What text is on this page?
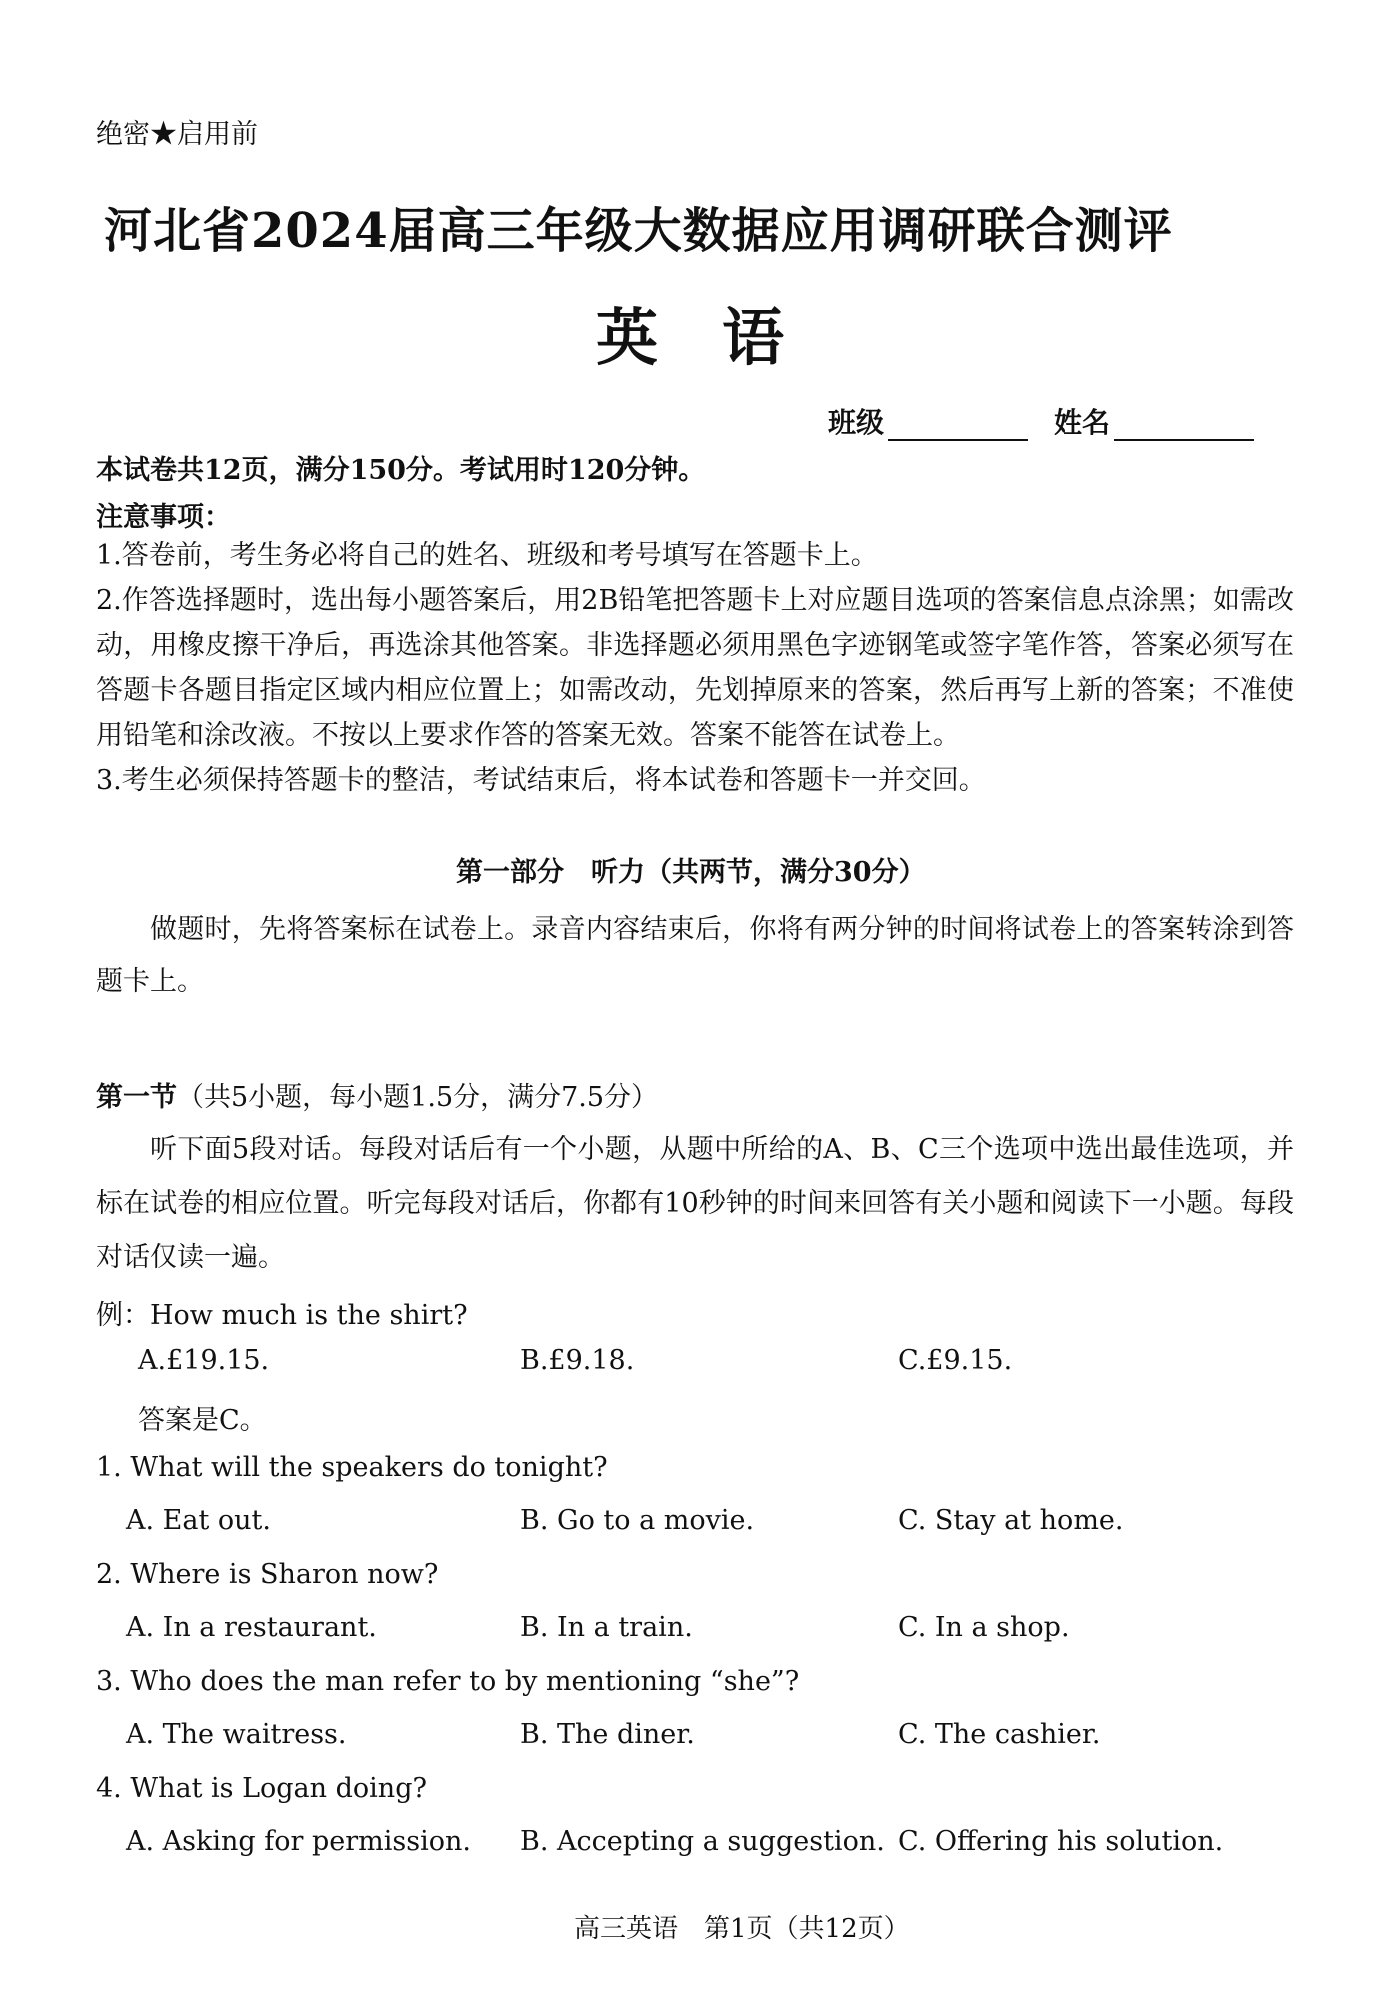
绝密★启用前
河北省2024届高三年级大数据应用调研联合测评
英语
班级	姓名
本试卷共12页，满分150分。考试用时120分钟。
注意事项：
1.答卷前，考生务必将自己的姓名、班级和考号填写在答题卡上。
2.作答选择题时，选出每小题答案后，用2B铅笔把答题卡上对应题目选项的答案信息点涂黑；如需改动，用橡皮擦干净后，再选涂其他答案。非选择题必须用黑色字迹钢笔或签字笔作答，答案必须写在答题卡各题目指定区域内相应位置上；如需改动，先划掉原来的答案，然后再写上新的答案；不准使用铅笔和涂改液。不按以上要求作答的答案无效。答案不能答在试卷上。
3.考生必须保持答题卡的整洁，考试结束后，将本试卷和答题卡一并交回。
第一部分　听力（共两节，满分30分）
做题时，先将答案标在试卷上。录音内容结束后，你将有两分钟的时间将试卷上的答案转涂到答题卡上。
第一节（共5小题，每小题1.5分，满分7.5分）
听下面5段对话。每段对话后有一个小题，从题中所给的A、B、C三个选项中选出最佳选项，并标在试卷的相应位置。听完每段对话后，你都有10秒钟的时间来回答有关小题和阅读下一小题。每段对话仅读一遍。
例：How much is the shirt?
A.£19.15.	B.£9.18.	C.£9.15.
答案是C。
1. What will the speakers do tonight?
A. Eat out.	B. Go to a movie.	C. Stay at home.
2. Where is Sharon now?
A. In a restaurant.	B. In a train.	C. In a shop.
3. Who does the man refer to by mentioning “she”?
A. The waitress.	B. The diner.	C. The cashier.
4. What is Logan doing?
A. Asking for permission. B. Accepting a suggestion. C. Offering his solution.
高三英语　第1页（共12页）
